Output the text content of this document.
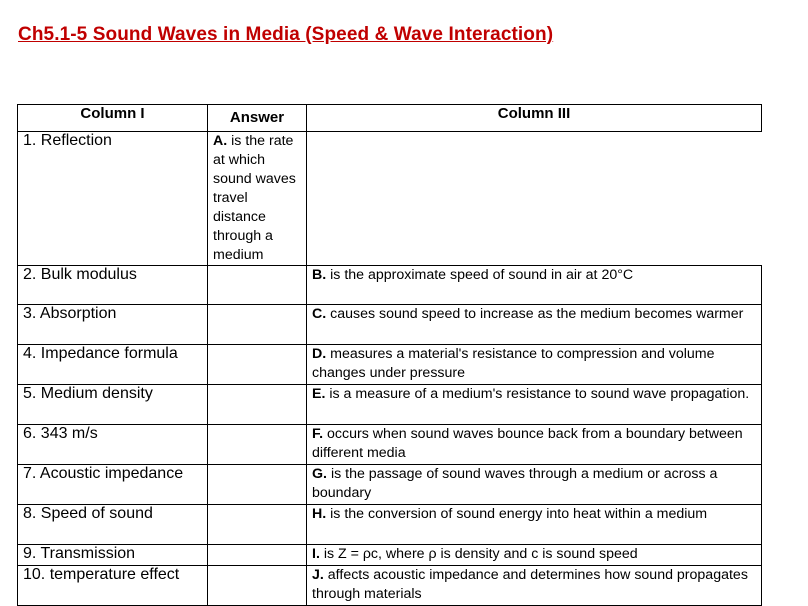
Ch5.1-5 Sound Waves in Media (Speed & Wave Interaction)
Column I	Answer	Column III
1. Reflection	A. is the rate at which sound waves travel distance through a medium	
2. Bulk modulus		B. is the approximate speed of sound in air at 20°C
3. Absorption		C. causes sound speed to increase as the medium becomes warmer
4. Impedance formula		D. measures a material's resistance to compression and volume changes under pressure
5. Medium density		E. is a measure of a medium's resistance to sound wave propagation.
6. 343 m/s		F. occurs when sound waves bounce back from a boundary between different media
7. Acoustic impedance		G. is the passage of sound waves through a medium or across a boundary
8. Speed of sound		H. is the conversion of sound energy into heat within a medium
9. Transmission		I. is Z = ρc, where ρ is density and c is sound speed
10. temperature effect		J. affects acoustic impedance and determines how sound propagates through materials
